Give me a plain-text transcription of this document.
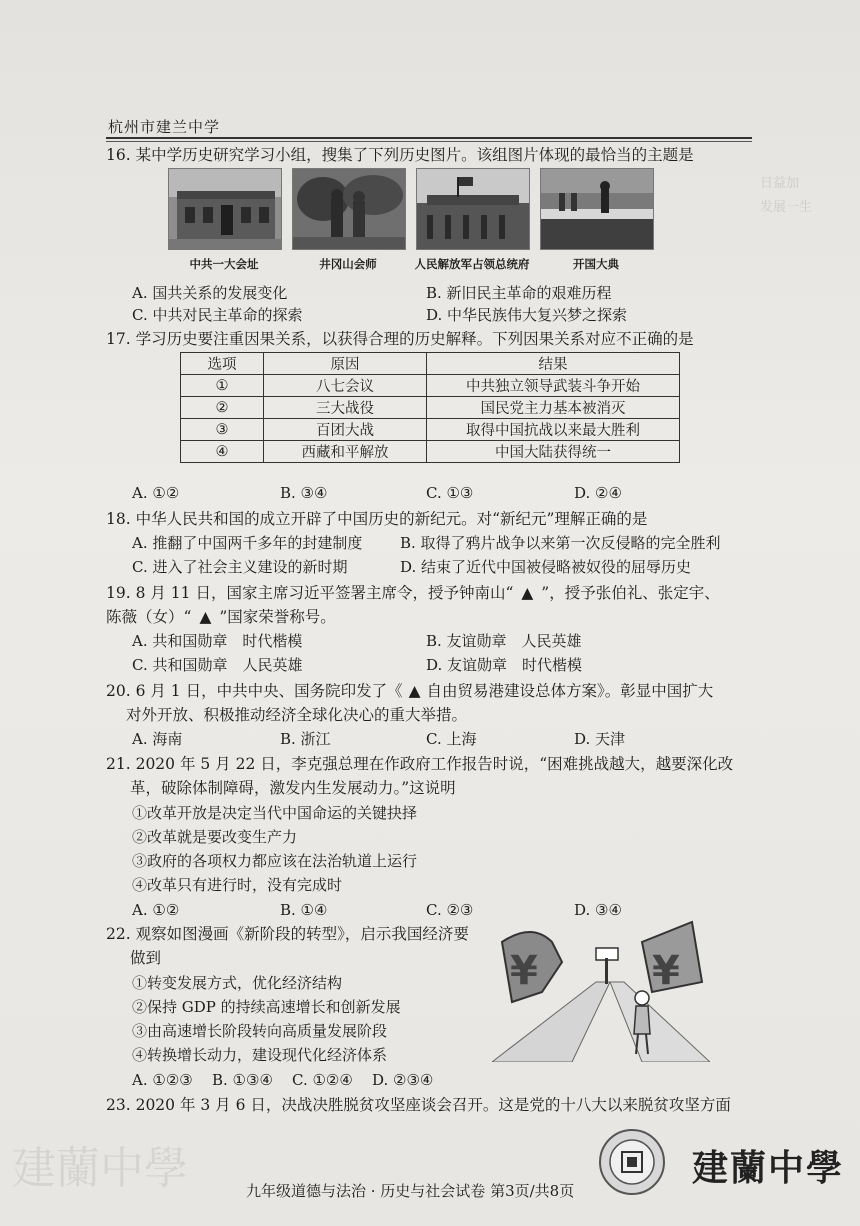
杭州市建兰中学
日益加
发展一生
16. 某中学历史研究学习小组，搜集了下列历史图片。该组图片体现的最恰当的主题是
中共一大会址	井冈山会师	人民解放军占领总统府	开国大典
A. 国共关系的发展变化	B. 新旧民主革命的艰难历程
C. 中共对民主革命的探索	D. 中华民族伟大复兴梦之探索
17. 学习历史要注重因果关系，以获得合理的历史解释。下列因果关系对应不正确的是
选项	原因	结果
①	八七会议	中共独立领导武装斗争开始
②	三大战役	国民党主力基本被消灭
③	百团大战	取得中国抗战以来最大胜利
④	西藏和平解放	中国大陆获得统一
A. ①②	B. ③④	C. ①③	D. ②④
18. 中华人民共和国的成立开辟了中国历史的新纪元。对“新纪元”理解正确的是
A. 推翻了中国两千多年的封建制度	B. 取得了鸦片战争以来第一次反侵略的完全胜利
C. 进入了社会主义建设的新时期	D. 结束了近代中国被侵略被奴役的屈辱历史
19. 8 月 11 日，国家主席习近平签署主席令，授予钟南山“ ▲ ”，授予张伯礼、张定宇、
陈薇（女）“ ▲ ”国家荣誉称号。
A. 共和国勋章　时代楷模	B. 友谊勋章　人民英雄
C. 共和国勋章　人民英雄	D. 友谊勋章　时代楷模
20. 6 月 1 日，中共中央、国务院印发了《 ▲ 自由贸易港建设总体方案》。彰显中国扩大
对外开放、积极推动经济全球化决心的重大举措。
A. 海南	B. 浙江	C. 上海	D. 天津
21. 2020 年 5 月 22 日，李克强总理在作政府工作报告时说，“困难挑战越大，越要深化改
革，破除体制障碍，激发内生发展动力。”这说明
①改革开放是决定当代中国命运的关键抉择
②改革就是要改变生产力
③政府的各项权力都应该在法治轨道上运行
④改革只有进行时，没有完成时
A. ①②	B. ①④	C. ②③	D. ③④
22. 观察如图漫画《新阶段的转型》，启示我国经济要
做到
①转变发展方式，优化经济结构
②保持 GDP 的持续高速增长和创新发展
③由高速增长阶段转向高质量发展阶段
④转换增长动力，建设现代化经济体系
A. ①②③ B. ①③④ C. ①②④ D. ②③④
¥	¥
23. 2020 年 3 月 6 日，决战决胜脱贫攻坚座谈会召开。这是党的十八大以来脱贫攻坚方面
建蘭中學	九年级道德与法治 · 历史与社会试卷 第3页/共8页
建蘭中學
